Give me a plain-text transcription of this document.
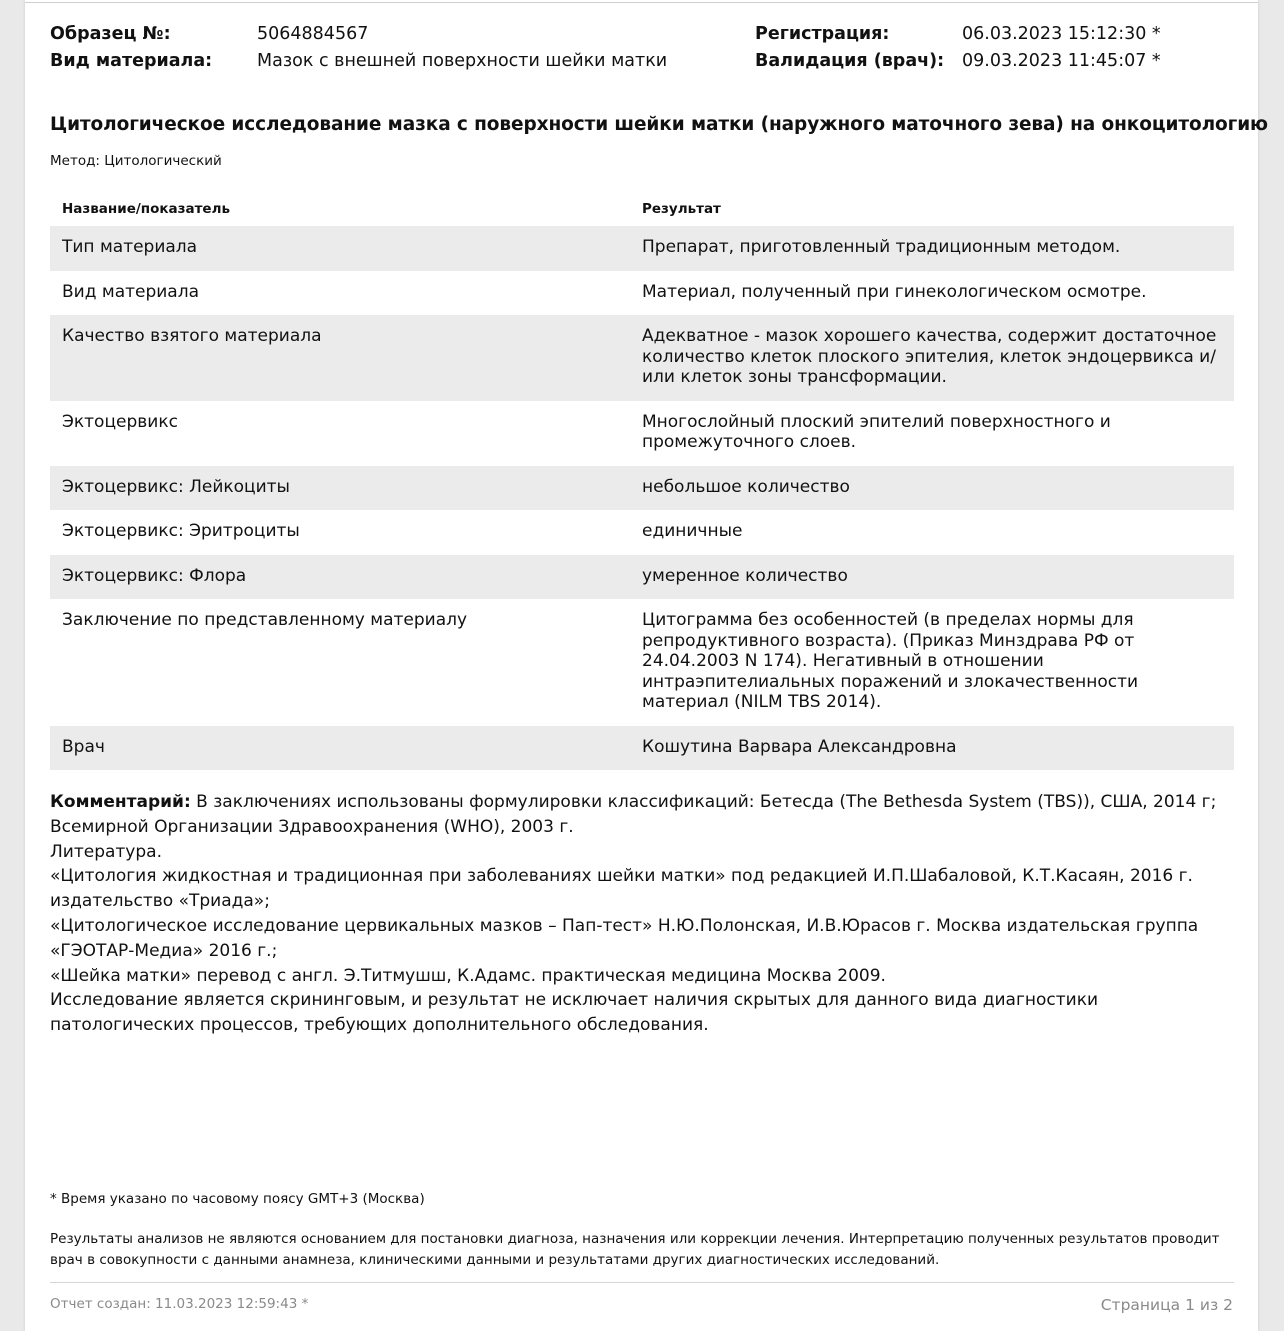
Образец №:	5064884567
Вид материала:	Мазок с внешней поверхности шейки матки
Регистрация:	06.03.2023 15:12:30 *
Валидация (врач): 09.03.2023 11:45:07 *
Цитологическое исследование мазка с поверхности шейки матки (наружного маточного зева) на онкоцитологию
Метод: Цитологический
Название/показатель	Результат
Тип материала	Препарат, приготовленный традиционным методом.
Вид материала	Материал, полученный при гинекологическом осмотре.
Качество взятого материала	Адекватное - мазок хорошего качества, содержит достаточное количество клеток плоского эпителия, клеток эндоцервикса и/или клеток зоны трансформации.
Эктоцервикс	Многослойный плоский эпителий поверхностного и промежуточного слоев.
Эктоцервикс: Лейкоциты	небольшое количество
Эктоцервикс: Эритроциты	единичные
Эктоцервикс: Флора	умеренное количество
Заключение по представленному материалу	Цитограмма без особенностей (в пределах нормы для репродуктивного возраста). (Приказ Минздрава РФ от 24.04.2003 N 174). Негативный в отношении интраэпителиальных поражений и злокачественности материал (NILM TBS 2014).
Врач	Кошутина Варвара Александровна

Комментарий: В заключениях использованы формулировки классификаций: Бетесда (The Bethesda System (TBS)), США, 2014 г; Всемирной Организации Здравоохранения (WHO), 2003 г.

Литература.

«Цитология жидкостная и традиционная при заболеваниях шейки матки» под редакцией И.П.Шабаловой, К.Т.Касаян, 2016 г. издательство «Триада»;

«Цитологическое исследование цервикальных мазков – Пап-тест» Н.Ю.Полонская, И.В.Юрасов г. Москва издательская группа «ГЭОТАР-Медиа» 2016 г.;

«Шейка матки» перевод с англ. Э.Титмушш, К.Адамс. практическая медицина Москва 2009.

Исследование является скрининговым, и результат не исключает наличия скрытых для данного вида диагностики патологических процессов, требующих дополнительного обследования.

* Время указано по часовому поясу GMT+3 (Москва)
Результаты анализов не являются основанием для постановки диагноза, назначения или коррекции лечения. Интерпретацию полученных результатов проводит врач в совокупности с данными анамнеза, клиническими данными и результатами других диагностических исследований.
Отчет создан: 11.03.2023 12:59:43 *	Страница 1 из 2
